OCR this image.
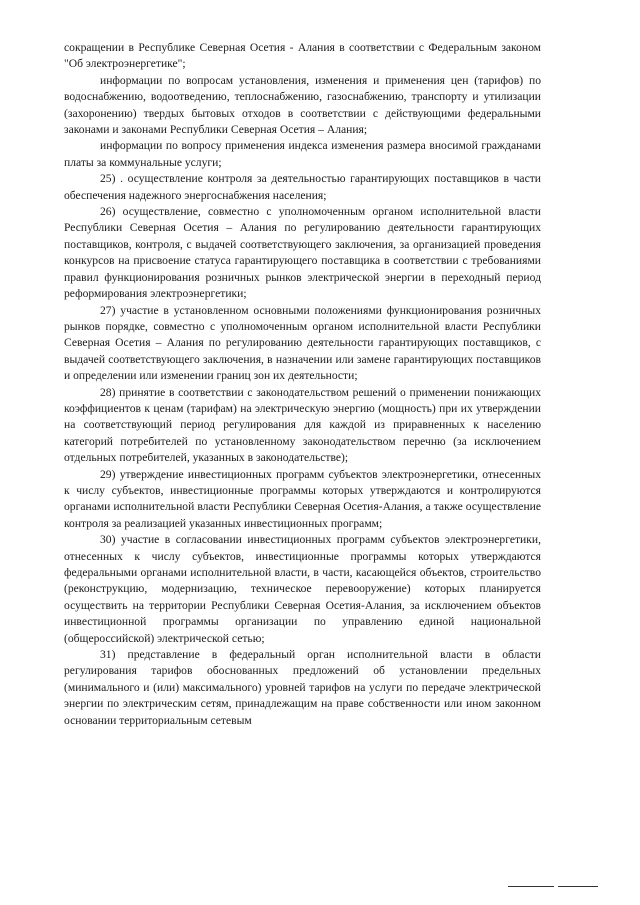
сокращении в Республике Северная Осетия - Алания в соответствии с Федеральным законом "Об электроэнергетике";

информации по вопросам установления, изменения и применения цен (тарифов) по водоснабжению, водоотведению, теплоснабжению, газоснабжению, транспорту и утилизации (захоронению) твердых бытовых отходов в соответствии с действующими федеральными законами и законами Республики Северная Осетия – Алания;

информации по вопросу применения индекса изменения размера вносимой гражданами платы за коммунальные услуги;

25) . осуществление контроля за деятельностью гарантирующих поставщиков в части обеспечения надежного энергоснабжения населения;

26) осуществление, совместно с уполномоченным органом исполнительной власти Республики Северная Осетия – Алания по регулированию деятельности гарантирующих поставщиков, контроля, с выдачей соответствующего заключения, за организацией проведения конкурсов на присвоение статуса гарантирующего поставщика в соответствии с требованиями правил функционирования розничных рынков электрической энергии в переходный период реформирования электроэнергетики;

27) участие в установленном основными положениями функционирования розничных рынков порядке, совместно с уполномоченным органом исполнительной власти Республики Северная Осетия – Алания по регулированию деятельности гарантирующих поставщиков, с выдачей соответствующего заключения, в назначении или замене гарантирующих поставщиков и определении или изменении границ зон их деятельности;

28) принятие в соответствии с законодательством решений о применении понижающих коэффициентов к ценам (тарифам) на электрическую энергию (мощность) при их утверждении на соответствующий период регулирования для каждой из приравненных к населению категорий потребителей по установленному законодательством перечню (за исключением отдельных потребителей, указанных в законодательстве);

29) утверждение инвестиционных программ субъектов электроэнергетики, отнесенных к числу субъектов, инвестиционные программы которых утверждаются и контролируются органами исполнительной власти Республики Северная Осетия-Алания, а также осуществление контроля за реализацией указанных инвестиционных программ;

30) участие в согласовании инвестиционных программ субъектов электроэнергетики, отнесенных к числу субъектов, инвестиционные программы которых утверждаются федеральными органами исполнительной власти, в части, касающейся объектов, строительство (реконструкцию, модернизацию, техническое перевооружение) которых планируется осуществить на территории Республики Северная Осетия-Алания, за исключением объектов инвестиционной программы организации по управлению единой национальной (общероссийской) электрической сетью;

31) представление в федеральный орган исполнительной власти в области регулирования тарифов обоснованных предложений об установлении предельных (минимального и (или) максимального) уровней тарифов на услуги по передаче электрической энергии по электрическим сетям, принадлежащим на праве собственности или ином законном основании территориальным сетевым
